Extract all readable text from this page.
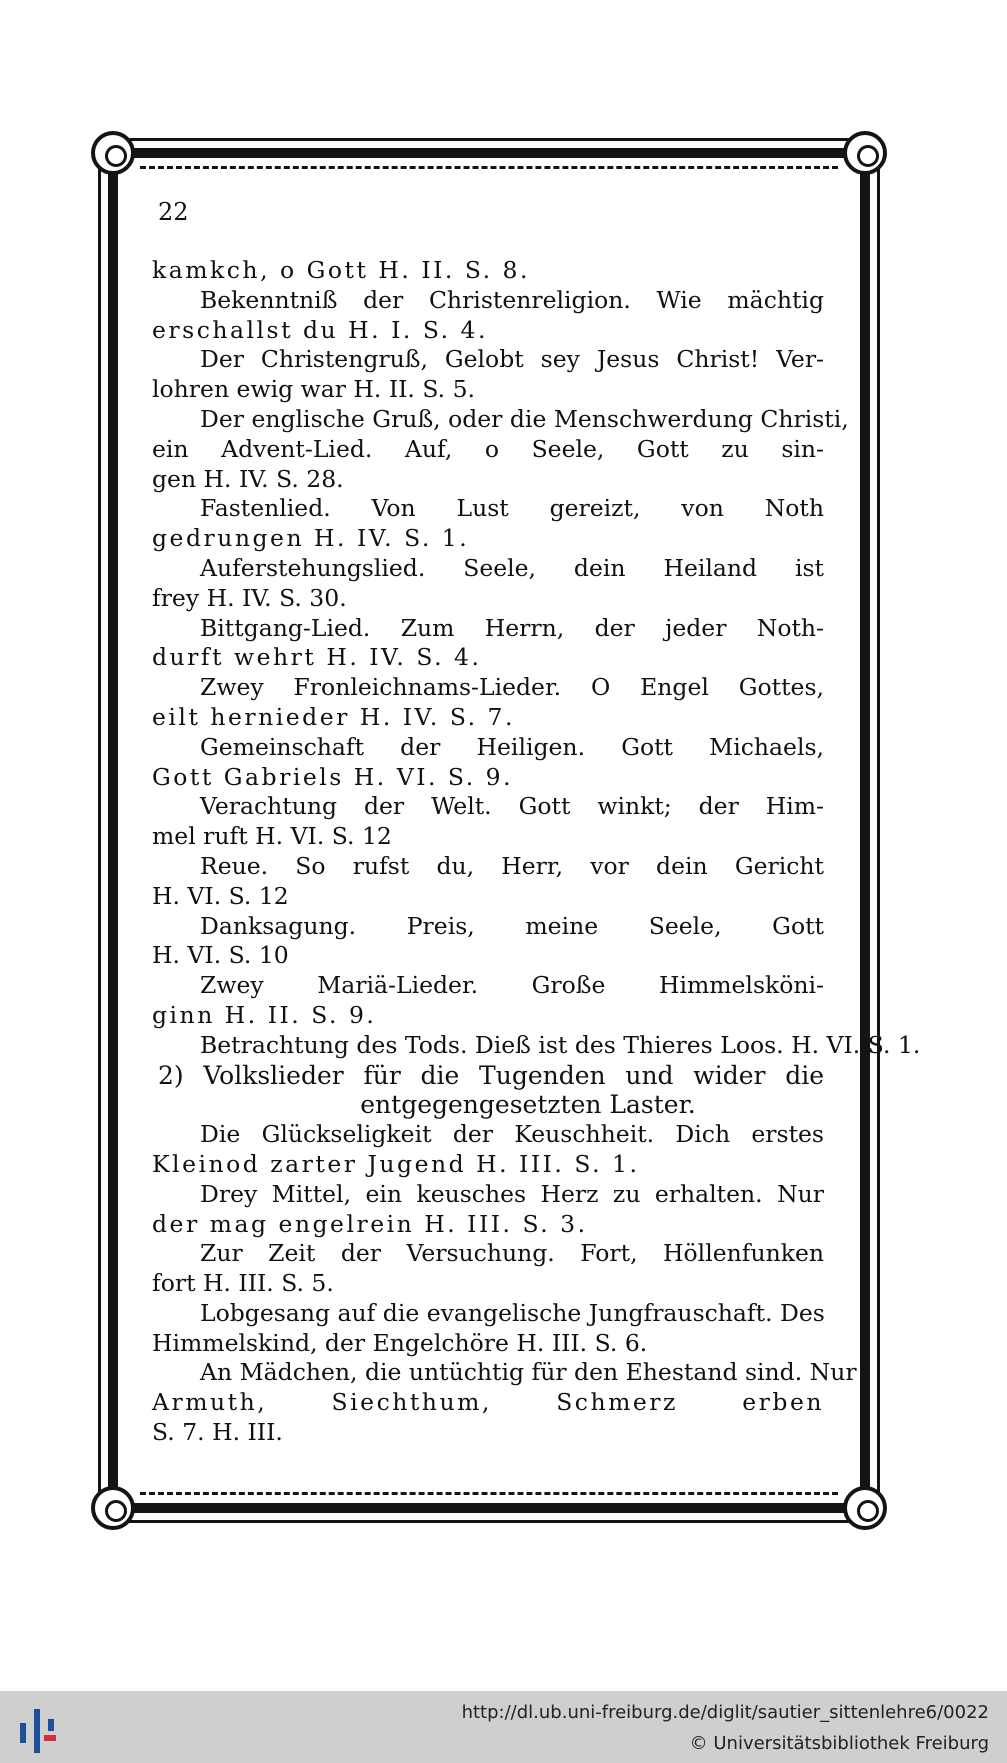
22
kamkch, o Gott H. II. S. 8.
Bekenntniß der Christenreligion. Wie mächtig
erschallst du H. I. S. 4.
Der Christengruß, Gelobt sey Jesus Christ! Ver-
lohren ewig war H. II. S. 5.
Der englische Gruß, oder die Menschwerdung Christi,
ein Advent-Lied. Auf, o Seele, Gott zu sin-
gen H. IV. S. 28.
Fastenlied. Von Lust gereizt, von Noth
gedrungen H. IV. S. 1.
Auferstehungslied. Seele, dein Heiland ist
frey H. IV. S. 30.
Bittgang-Lied. Zum Herrn, der jeder Noth-
durft wehrt H. IV. S. 4.
Zwey Fronleichnams-Lieder. O Engel Gottes,
eilt hernieder H. IV. S. 7.
Gemeinschaft der Heiligen. Gott Michaels,
Gott Gabriels H. VI. S. 9.
Verachtung der Welt. Gott winkt; der Him-
mel ruft H. VI. S. 12
Reue. So rufst du, Herr, vor dein Gericht
H. VI. S. 12
Danksagung. Preis, meine Seele, Gott
H. VI. S. 10
Zwey Mariä-Lieder. Große Himmelsköni-
ginn H. II. S. 9.
Betrachtung des Tods. Dieß ist des Thieres Loos. H. VI. S. 1.
2) Volkslieder für die Tugenden und wider die
entgegengesetzten Laster.
Die Glückseligkeit der Keuschheit. Dich erstes
Kleinod zarter Jugend H. III. S. 1.
Drey Mittel, ein keusches Herz zu erhalten. Nur
der mag engelrein H. III. S. 3.
Zur Zeit der Versuchung. Fort, Höllenfunken
fort H. III. S. 5.
Lobgesang auf die evangelische Jungfrauschaft. Des
Himmelskind, der Engelchöre H. III. S. 6.
An Mädchen, die untüchtig für den Ehestand sind. Nur
Armuth, Siechthum, Schmerz erben
S. 7. H. III.
http://dl.ub.uni-freiburg.de/diglit/sautier_sittenlehre6/0022
© Universitätsbibliothek Freiburg
